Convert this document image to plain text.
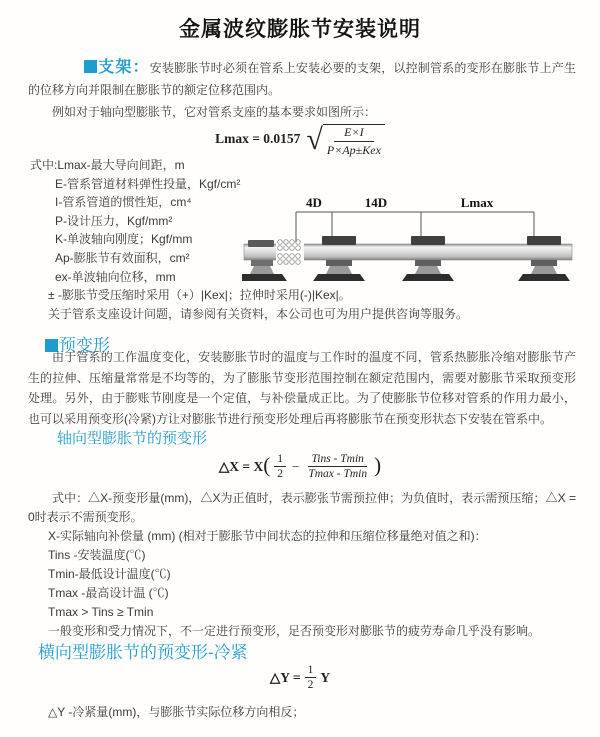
金属波纹膨胀节安装说明

支架：安装膨胀节时必须在管系上安装必要的支架，以控制管系的变形在膨胀节上产生的位移方向并限制在膨胀节的额定位移范围内。

例如对于轴向型膨胀节，它对管系支座的基本要求如图所示：

Lmax = 0.0157 √	E×I
P×Ap±Kex
式中:Lmax-最大导向间距，m
E-管系管道材料弹性投量，Kgf/cm²
I-管系管道的惯性矩，cm⁴
P-设计压力，Kgf/mm²
K-单波轴向刚度；Kgf/mm
Ap-膨胀节有效面积，cm²
ex-单波轴向位移，mm
± -膨胀节受压缩时采用（+）|Kex|；拉伸时采用(-)|Kex|。
关于管系支座设计问题，请参阅有关资料，本公司也可为用户提供咨询等服务。
4D	14D	Lmax
预变形

由于管系的工作温度变化，安装膨胀节时的温度与工作时的温度不同，管系热膨胀冷缩对膨胀节产生的拉伸、压缩量常常是不均等的，为了膨胀节变形范围控制在额定范围内，需要对膨胀节采取预变形处理。另外，由于膨账节刚度是一个定值，与补偿量成正比。为了使膨胀节位移对管系的作用力最小，也可以采用预变形(冷紧)方让对膨胀节进行预变形处理后再将膨胀节在预变形状态下安装在管系中。

轴向型膨胀节的预变形
△X = X ( $\frac{1}{2} - \frac{\text{Tins - Tmin}}{Tmax - Tmin}$ )

式中：△X-预变形量(mm)，△X为正值时，表示膨张节需预拉伸；为负值时，表示需预压缩；△X = 0时表示不需预变形。

X-实际轴向补偿量 (mm) (相对于膨胀节中间状态的拉伸和压缩位移量绝对值之和)：
Tins -安装温度(℃)
Tmin-最低设计温度(℃)
Tmax -最高设计温 (℃)
Tmax > Tins ≥ Tmin
一般变形和受力情况下，不一定进行预变形，足否预变形对膨胀节的疲劳寿命几乎没有影响。
横向型膨胀节的预变形-冷紧
△Y = $\frac{1}{2}$ Y
△Y -冷紧量(mm)，与膨胀节实际位移方向相反；
